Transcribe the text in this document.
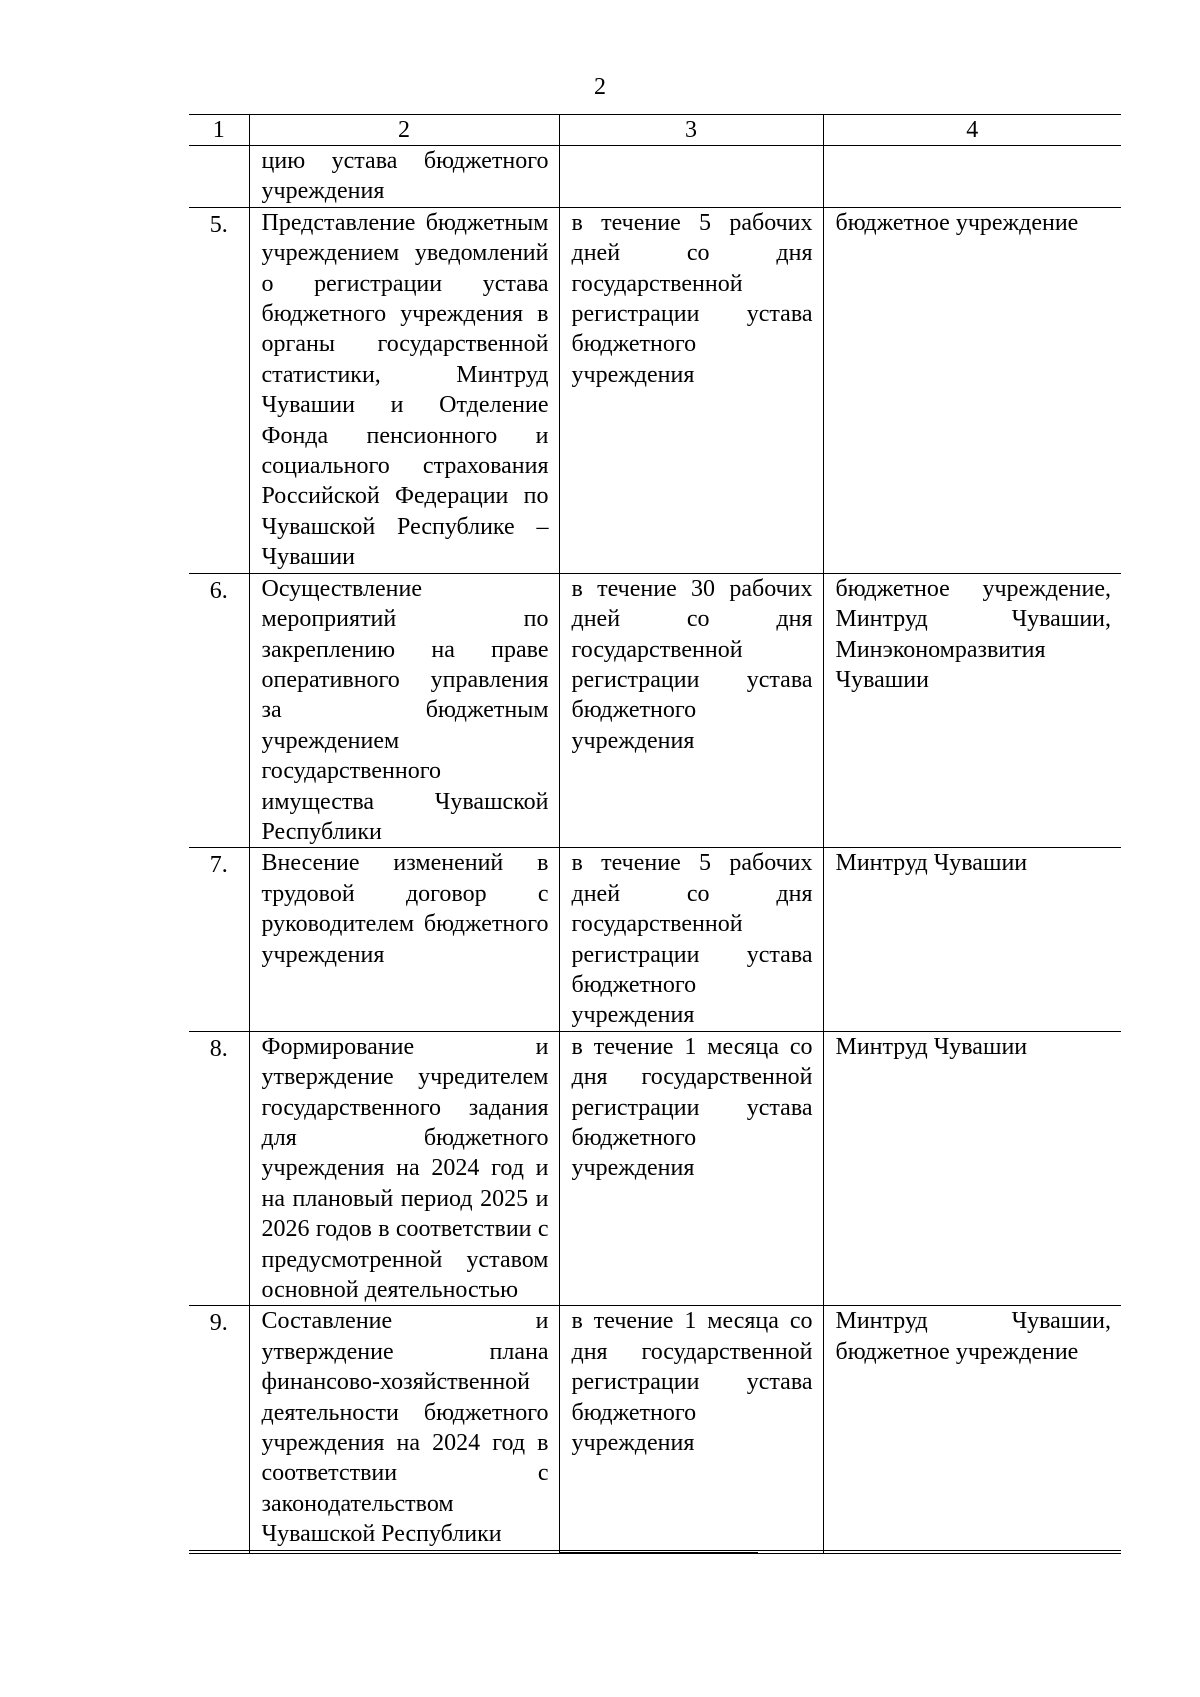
2
1	2	3	4
	цию устава бюджетного учреждения		
5.	Представление бюджетным учреждением уведомлений о регистрации устава бюджетного учреждения в органы государственной статистики, Минтруд Чувашии и Отделение Фонда пенсионного и социального страхования Российской Федерации по Чувашской Республике – Чувашии	в течение 5 рабочих дней со дня государственной регистрации устава бюджетного учреждения	бюджетное учреждение
6.	Осуществление мероприятий по закреплению на праве оперативного управления за бюджетным учреждением государственного имущества Чувашской Республики	в течение 30 рабочих дней со дня государственной регистрации устава бюджетного учреждения	бюджетное учреждение, Минтруд Чувашии, Минэкономразвития Чувашии
7.	Внесение изменений в трудовой договор с руководителем бюджетного учреждения	в течение 5 рабочих дней со дня государственной регистрации устава бюджетного учреждения	Минтруд Чувашии
8.	Формирование и утверждение учредителем государственного задания для бюджетного учреждения на 2024 год и на плановый период 2025 и 2026 годов в соответствии с предусмотренной уставом основной деятельностью	в течение 1 месяца со дня государственной регистрации устава бюджетного учреждения	Минтруд Чувашии
9.	Составление и утверждение плана финансово-хозяйственной деятельности бюджетного учреждения на 2024 год в соответствии с законодательством Чувашской Республики	в течение 1 месяца со дня государственной регистрации устава бюджетного учреждения	Минтруд Чувашии, бюджетное учреждение
